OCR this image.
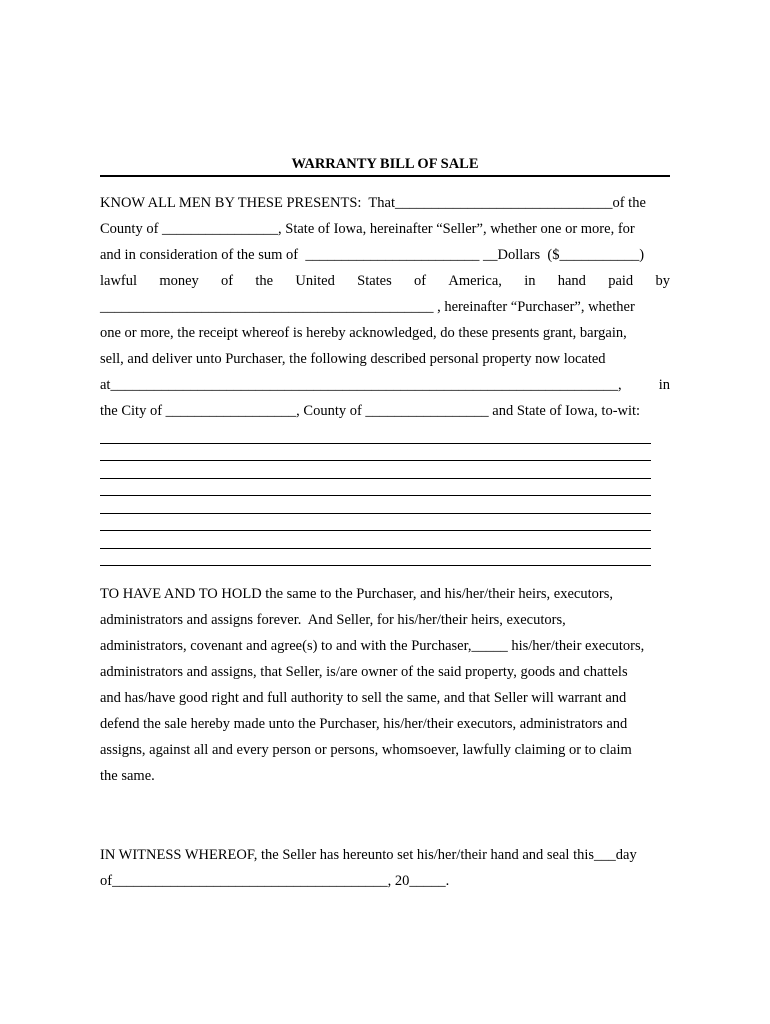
WARRANTY BILL OF SALE
KNOW ALL MEN BY THESE PRESENTS:  That______________________________of the
County of ________________, State of Iowa, hereinafter “Seller”, whether one or more, for
and in consideration of the sum of  ________________________ __Dollars  ($___________)
lawful money of the United States of America, in hand paid by
______________________________________________ , hereinafter “Purchaser”, whether
one or more, the receipt whereof is hereby acknowledged, do these presents grant, bargain,
sell, and deliver unto Purchaser, the following described personal property now located
at______________________________________________________________________,	in
the City of __________________, County of _________________ and State of Iowa, to-wit:
TO HAVE AND TO HOLD the same to the Purchaser, and his/her/their heirs, executors,
administrators and assigns forever.  And Seller, for his/her/their heirs, executors,
administrators, covenant and agree(s) to and with the Purchaser,_____ his/her/their executors,
administrators and assigns, that Seller, is/are owner of the said property, goods and chattels
and has/have good right and full authority to sell the same, and that Seller will warrant and
defend the sale hereby made unto the Purchaser, his/her/their executors, administrators and
assigns, against all and every person or persons, whomsoever, lawfully claiming or to claim
the same.
IN WITNESS WHEREOF, the Seller has hereunto set his/her/their hand and seal this___day
of______________________________________, 20_____.
